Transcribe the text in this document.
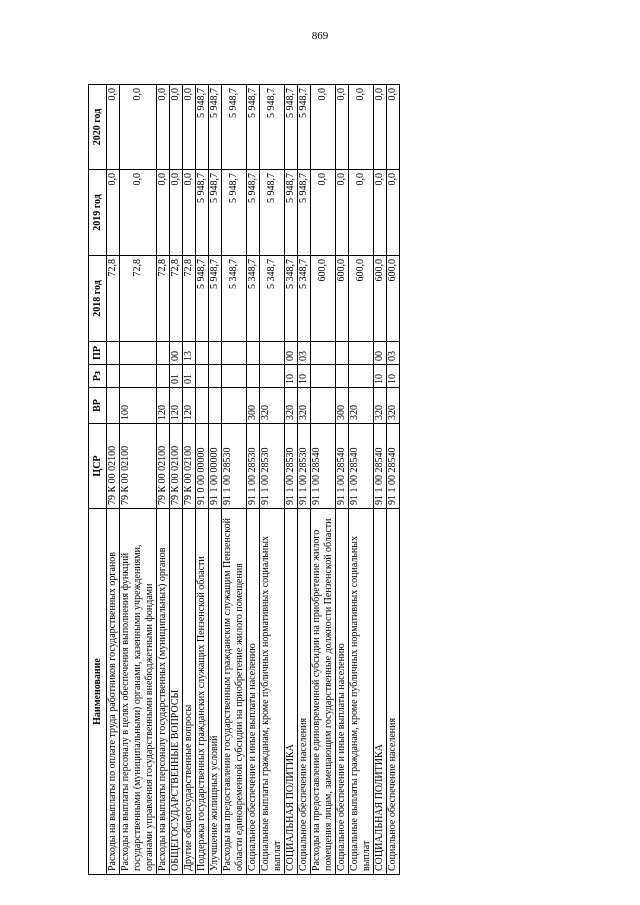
869
Наименование	ЦСР	ВР	Рз	ПР	2018 год	2019 год	2020 год
Расходы на выплаты по оплате труда работников государственных органов	79 К 00 02100				72,8	0,0	0,0
Расходы на выплаты персоналу в целях обеспечения выполнения функций государственными (муниципальными) органами, казенными учреждениями, органами управления государственными внебюджетными фондами	79 К 00 02100	100			72,8	0,0	0,0
Расходы на выплаты персоналу государственных (муниципальных) органов	79 К 00 02100	120			72,8	0,0	0,0
ОБЩЕГОСУДАРСТВЕННЫЕ ВОПРОСЫ	79 К 00 02100	120	01	00	72,8	0,0	0,0
Другие общегосударственные вопросы	79 К 00 02100	120	01	13	72,8	0,0	0,0
Поддержка государственных гражданских служащих Пензенской области	91 0 00 00000				5 948,7	5 948,7	5 948,7
Улучшение жилищных условий	91 1 00 00000				5 948,7	5 948,7	5 948,7
Расходы на предоставление государственным гражданским служащим Пензенской области единовременной субсидии на приобретение жилого помещения	91 1 00 28530				5 348,7	5 948,7	5 948,7
Социальное обеспечение и иные выплаты населению	91 1 00 28530	300			5 348,7	5 948,7	5 948,7
Социальные выплаты гражданам, кроме публичных нормативных социальных выплат	91 1 00 28530	320			5 348,7	5 948,7	5 948,7
СОЦИАЛЬНАЯ ПОЛИТИКА	91 1 00 28530	320	10	00	5 348,7	5 948,7	5 948,7
Социальное обеспечение населения	91 1 00 28530	320	10	03	5 348,7	5 948,7	5 948,7
Расходы на предоставление единовременной субсидии на приобретение жилого помещения лицам, замещающим государственные должности Пензенской области	91 1 00 28540				600,0	0,0	0,0
Социальное обеспечение и иные выплаты населению	91 1 00 28540	300			600,0	0,0	0,0
Социальные выплаты гражданам, кроме публичных нормативных социальных выплат	91 1 00 28540	320			600,0	0,0	0,0
СОЦИАЛЬНАЯ ПОЛИТИКА	91 1 00 28540	320	10	00	600,0	0,0	0,0
Социальное обеспечение населения	91 1 00 28540	320	10	03	600,0	0,0	0,0
